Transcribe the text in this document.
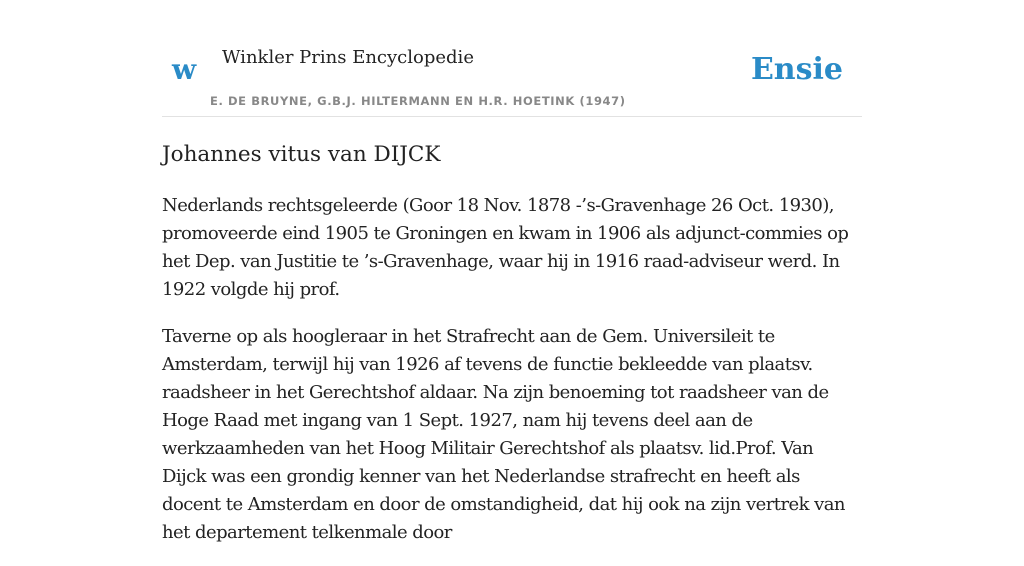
w Winkler Prins Encyclopedie
E. DE BRUYNE, G.B.J. HILTERMANN EN H.R. HOETINK (1947)
Ensie
Johannes vitus van DIJCK

Nederlands rechtsgeleerde (Goor 18 Nov. 1878 -’s-Gravenhage 26 Oct. 1930), promoveerde eind 1905 te Groningen en kwam in 1906 als adjunct-commies op het Dep. van Justitie te ’s-Gravenhage, waar hij in 1916 raad-adviseur werd. In 1922 volgde hij prof.

Taverne op als hoogleraar in het Strafrecht aan de Gem. Universileit te Amsterdam, terwijl hij van 1926 af tevens de functie bekleedde van plaatsv. raadsheer in het Gerechtshof aldaar. Na zijn benoeming tot raadsheer van de Hoge Raad met ingang van 1 Sept. 1927, nam hij tevens deel aan de werkzaamheden van het Hoog Militair Gerechtshof als plaatsv. lid.Prof. Van Dijck was een grondig kenner van het Nederlandse strafrecht en heeft als docent te Amsterdam en door de omstandigheid, dat hij ook na zijn vertrek van het departement telkenmale door
